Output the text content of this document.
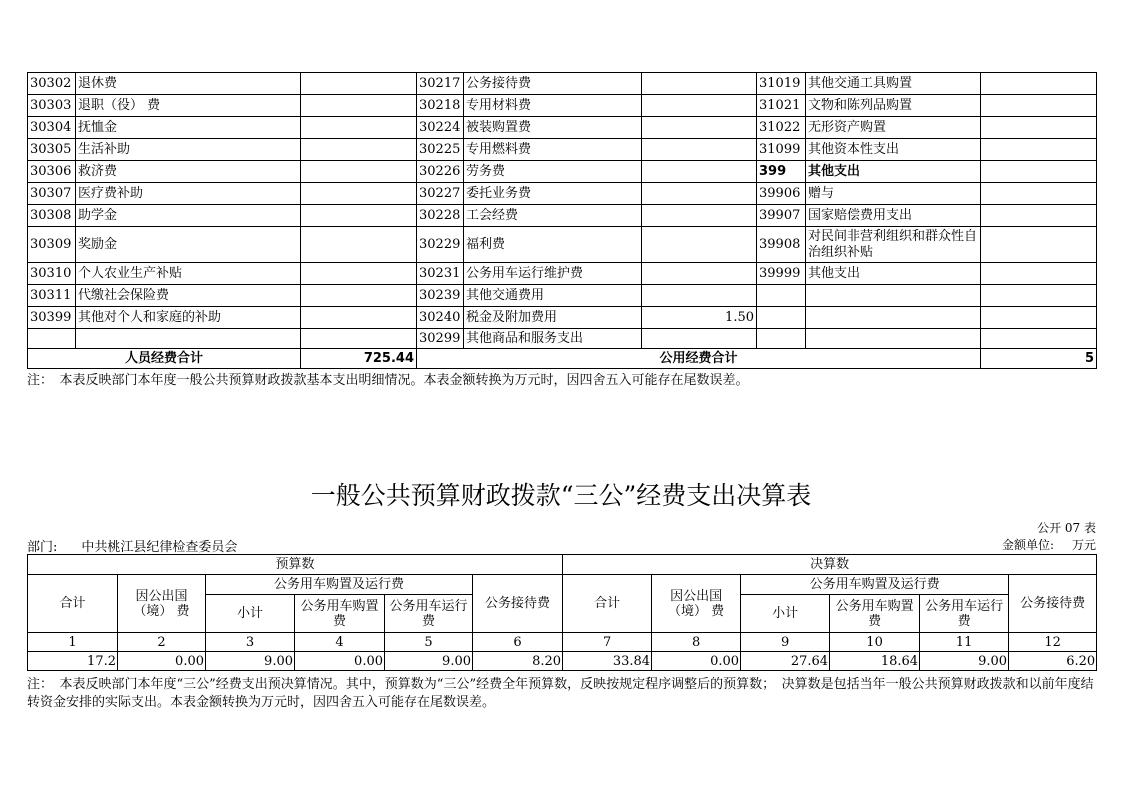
30302	退休费		30217	公务接待费		31019	其他交通工具购置	
30303	退职（役） 费		30218	专用材料费		31021	文物和陈列品购置	
30304	抚恤金		30224	被装购置费		31022	无形资产购置	
30305	生活补助		30225	专用燃料费		31099	其他资本性支出	
30306	救济费		30226	劳务费		399	其他支出	
30307	医疗费补助		30227	委托业务费		39906	赠与	
30308	助学金		30228	工会经费		39907	国家赔偿费用支出	
30309	奖励金		30229	福利费		39908	对民间非营利组织和群众性自治组织补贴	
30310	个人农业生产补贴		30231	公务用车运行维护费		39999	其他支出	
30311	代缴社会保险费		30239	其他交通费用				
30399	其他对个人和家庭的补助		30240	税金及附加费用	1.50			
			30299	其他商品和服务支出				
人员经费合计		725.44	公用经费合计					5
注：　本表反映部门本年度一般公共预算财政拨款基本支出明细情况。本表金额转换为万元时，因四舍五入可能存在尾数误差。
一般公共预算财政拨款“三公”经费支出决算表
公开 07 表
部门: 中共桃江县纪律检查委员会	金额单位: 万元
预算数						决算数					
合计	因公出国（境） 费	公务用车购置及运行费			公务接待费	合计	因公出国（境） 费	公务用车购置及运行费			公务接待费
		小计	公务用车购置费	公务用车运行费				小计	公务用车购置费	公务用车运行费	
1	2	3	4	5	6	7	8	9	10	11	12
17.2	0.00	9.00	0.00	9.00	8.20	33.84	0.00	27.64	18.64	9.00	6.20
注：　本表反映部门本年度“三公”经费支出预决算情况。其中，预算数为“三公”经费全年预算数，反映按规定程序调整后的预算数；　决算数是包括当年一般公共预算财政拨款和以前年度结转资金安排的实际支出。本表金额转换为万元时，因四舍五入可能存在尾数误差。
